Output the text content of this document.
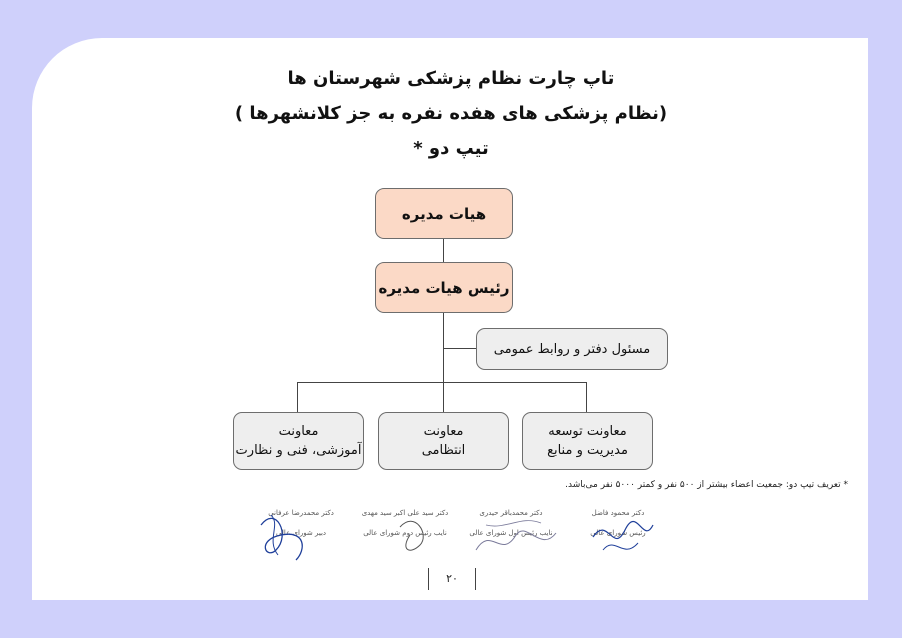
تاپ چارت نظام پزشکی شهرستان ها
(نظام پزشکی های هفده نفره به جز کلانشهرها )
تیپ دو *
هیات مدیره
رئیس هیات مدیره
مسئول دفتر و روابط عمومی
معاونت توسعه
مدیریت و منابع
معاونت
انتظامی
معاونت
آموزشی، فنی و نظارت
* تعریف تیپ دو: جمعیت اعضاء بیشتر از ۵۰۰ نفر و کمتر ۵۰۰۰ نفر می‌باشد.
دکتر محمود فاضل
رئیس شورای عالی
دکتر محمدباقر حیدری
نایب رئیس اول شورای عالی
دکتر سید علی اکبر سید مهدی
نایب رئیس دوم شورای عالی
دکتر محمدرضا عرفانی
دبیر شورای عالی
۲۰
